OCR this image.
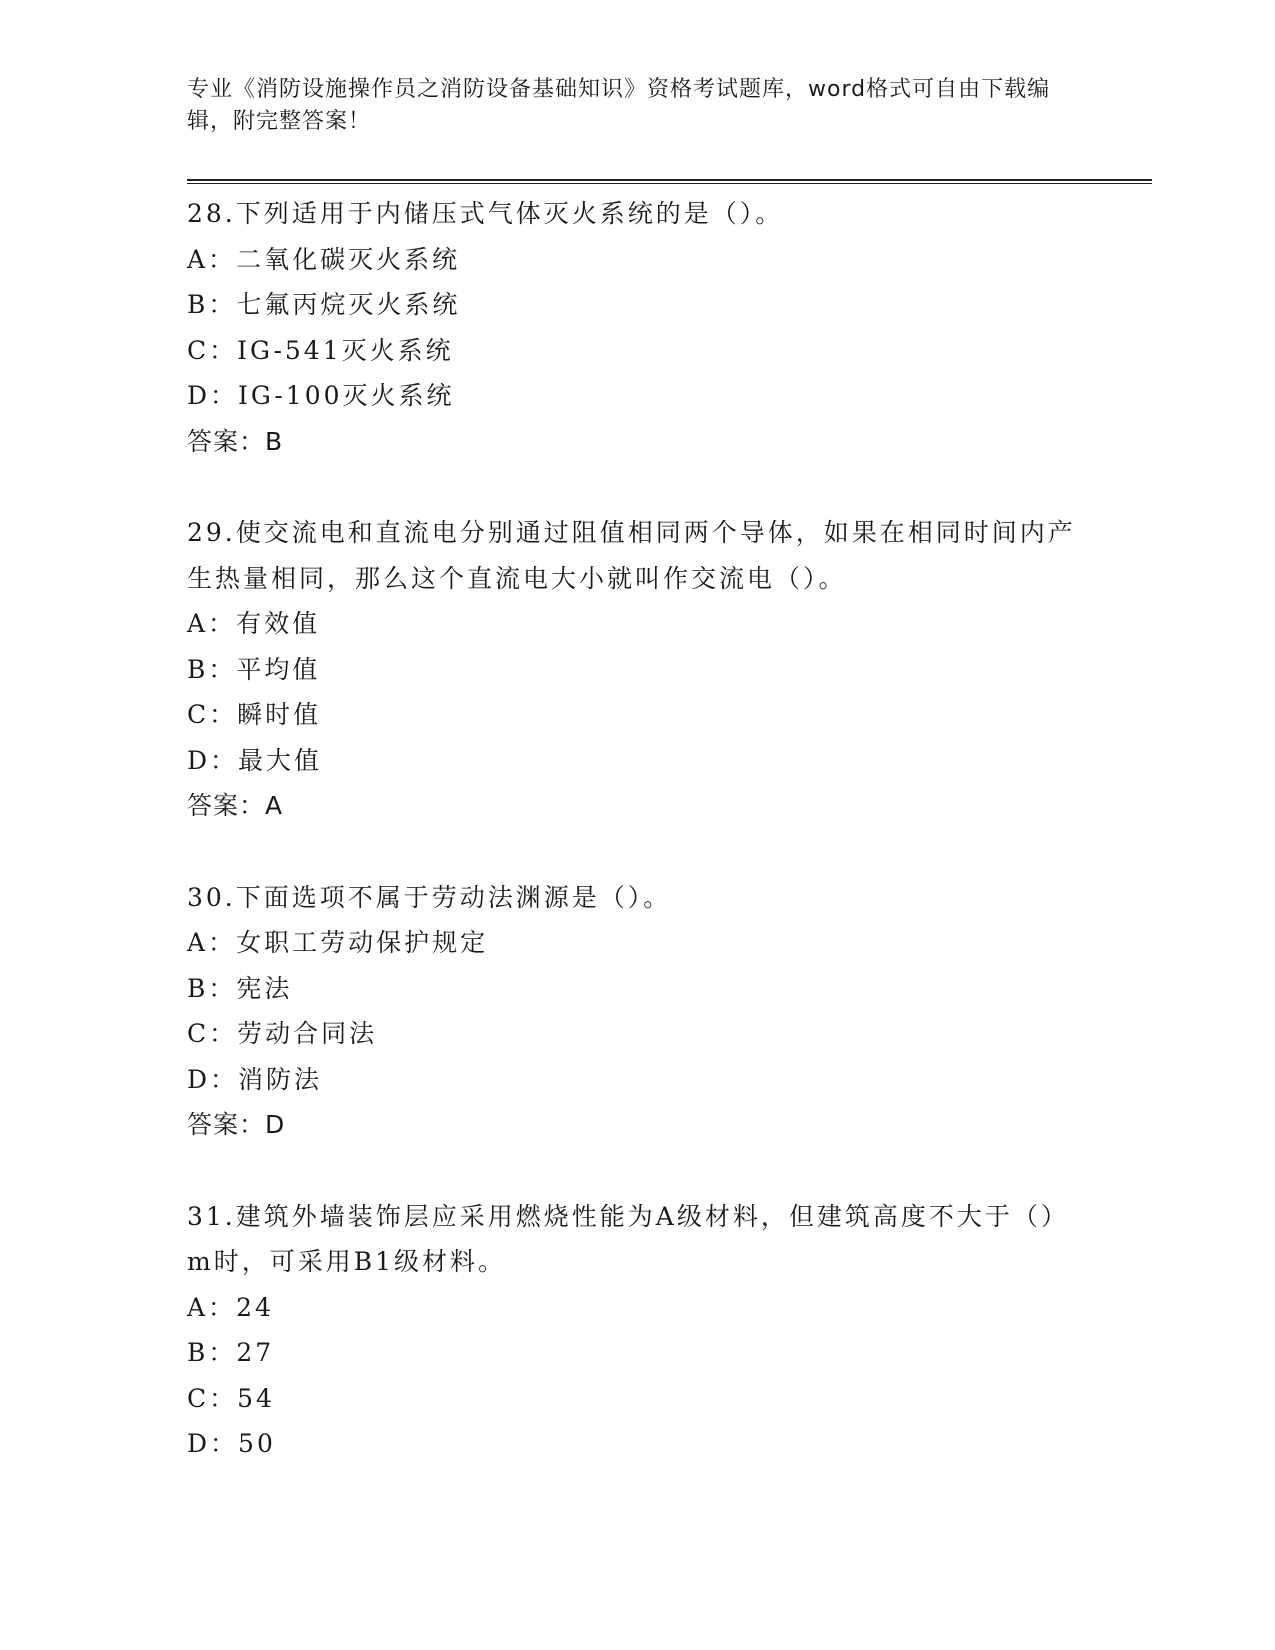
专业《消防设施操作员之消防设备基础知识》资格考试题库，word格式可自由下载编辑，附完整答案！
28.下列适用于内储压式气体灭火系统的是（）。
A：二氧化碳灭火系统
B：七氟丙烷灭火系统
C：IG-541灭火系统
D：IG-100灭火系统
答案：B
29.使交流电和直流电分别通过阻值相同两个导体，如果在相同时间内产生热量相同，那么这个直流电大小就叫作交流电（）。
A：有效值
B：平均值
C：瞬时值
D：最大值
答案：A
30.下面选项不属于劳动法渊源是（）。
A：女职工劳动保护规定
B：宪法
C：劳动合同法
D：消防法
答案：D
31.建筑外墙装饰层应采用燃烧性能为A级材料，但建筑高度不大于（）m时，可采用B1级材料。
A：24
B：27
C：54
D：50
